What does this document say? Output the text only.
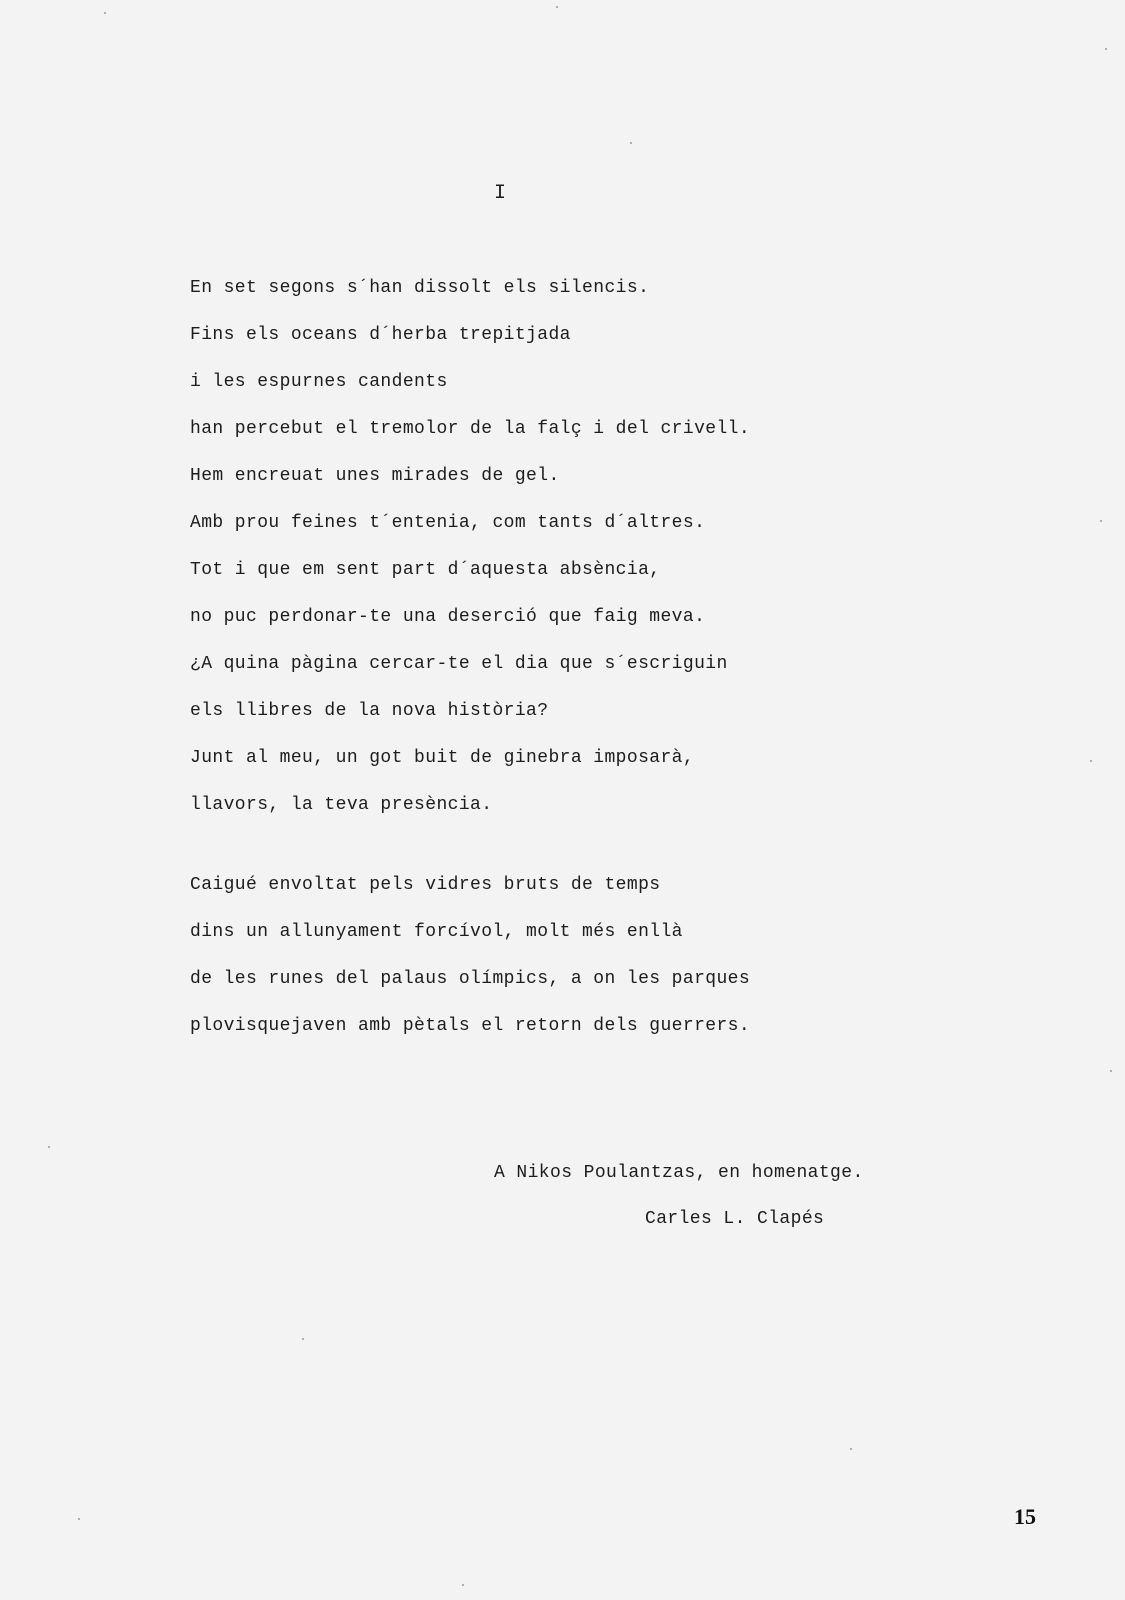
I

En set segons s´han dissolt els silencis.

Fins els oceans d´herba trepitjada

i les espurnes candents

han percebut el tremolor de la falç i del crivell.

Hem encreuat unes mirades de gel.

Amb prou feines t´entenia, com tants d´altres.

Tot i que em sent part d´aquesta absència,

no puc perdonar-te una deserció que faig meva.

¿A quina pàgina cercar-te el dia que s´escriguin

els llibres de la nova història?

Junt al meu, un got buit de ginebra imposarà,

llavors, la teva presència.

Caigué envoltat pels vidres bruts de temps

dins un allunyament forcívol, molt més enllà

de les runes del palaus olímpics, a on les parques

plovisquejaven amb pètals el retorn dels guerrers.

A Nikos Poulantzas, en homenatge.
Carles L. Clapés
15
